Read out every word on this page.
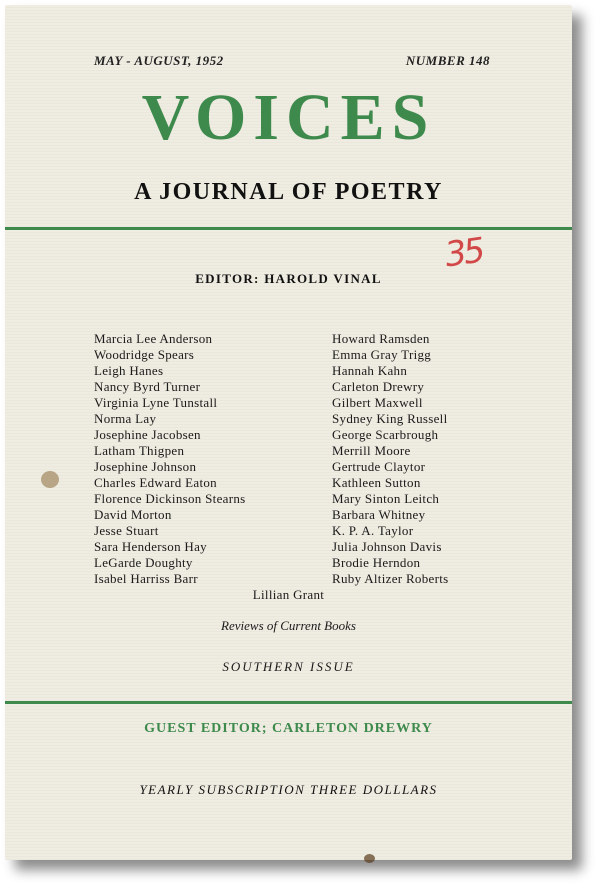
MAY - AUGUST, 1952	NUMBER 148
VOICES
A JOURNAL OF POETRY
35
EDITOR: HAROLD VINAL
Marcia Lee Anderson
Woodridge Spears
Leigh Hanes
Nancy Byrd Turner
Virginia Lyne Tunstall
Norma Lay
Josephine Jacobsen
Latham Thigpen
Josephine Johnson
Charles Edward Eaton
Florence Dickinson Stearns
David Morton
Jesse Stuart
Sara Henderson Hay
LeGarde Doughty
Isabel Harriss Barr
Howard Ramsden
Emma Gray Trigg
Hannah Kahn
Carleton Drewry
Gilbert Maxwell
Sydney King Russell
George Scarbrough
Merrill Moore
Gertrude Claytor
Kathleen Sutton
Mary Sinton Leitch
Barbara Whitney
K. P. A. Taylor
Julia Johnson Davis
Brodie Herndon
Ruby Altizer Roberts
Lillian Grant
Reviews of Current Books
SOUTHERN ISSUE
GUEST EDITOR; CARLETON DREWRY
YEARLY SUBSCRIPTION THREE DOLLLARS
